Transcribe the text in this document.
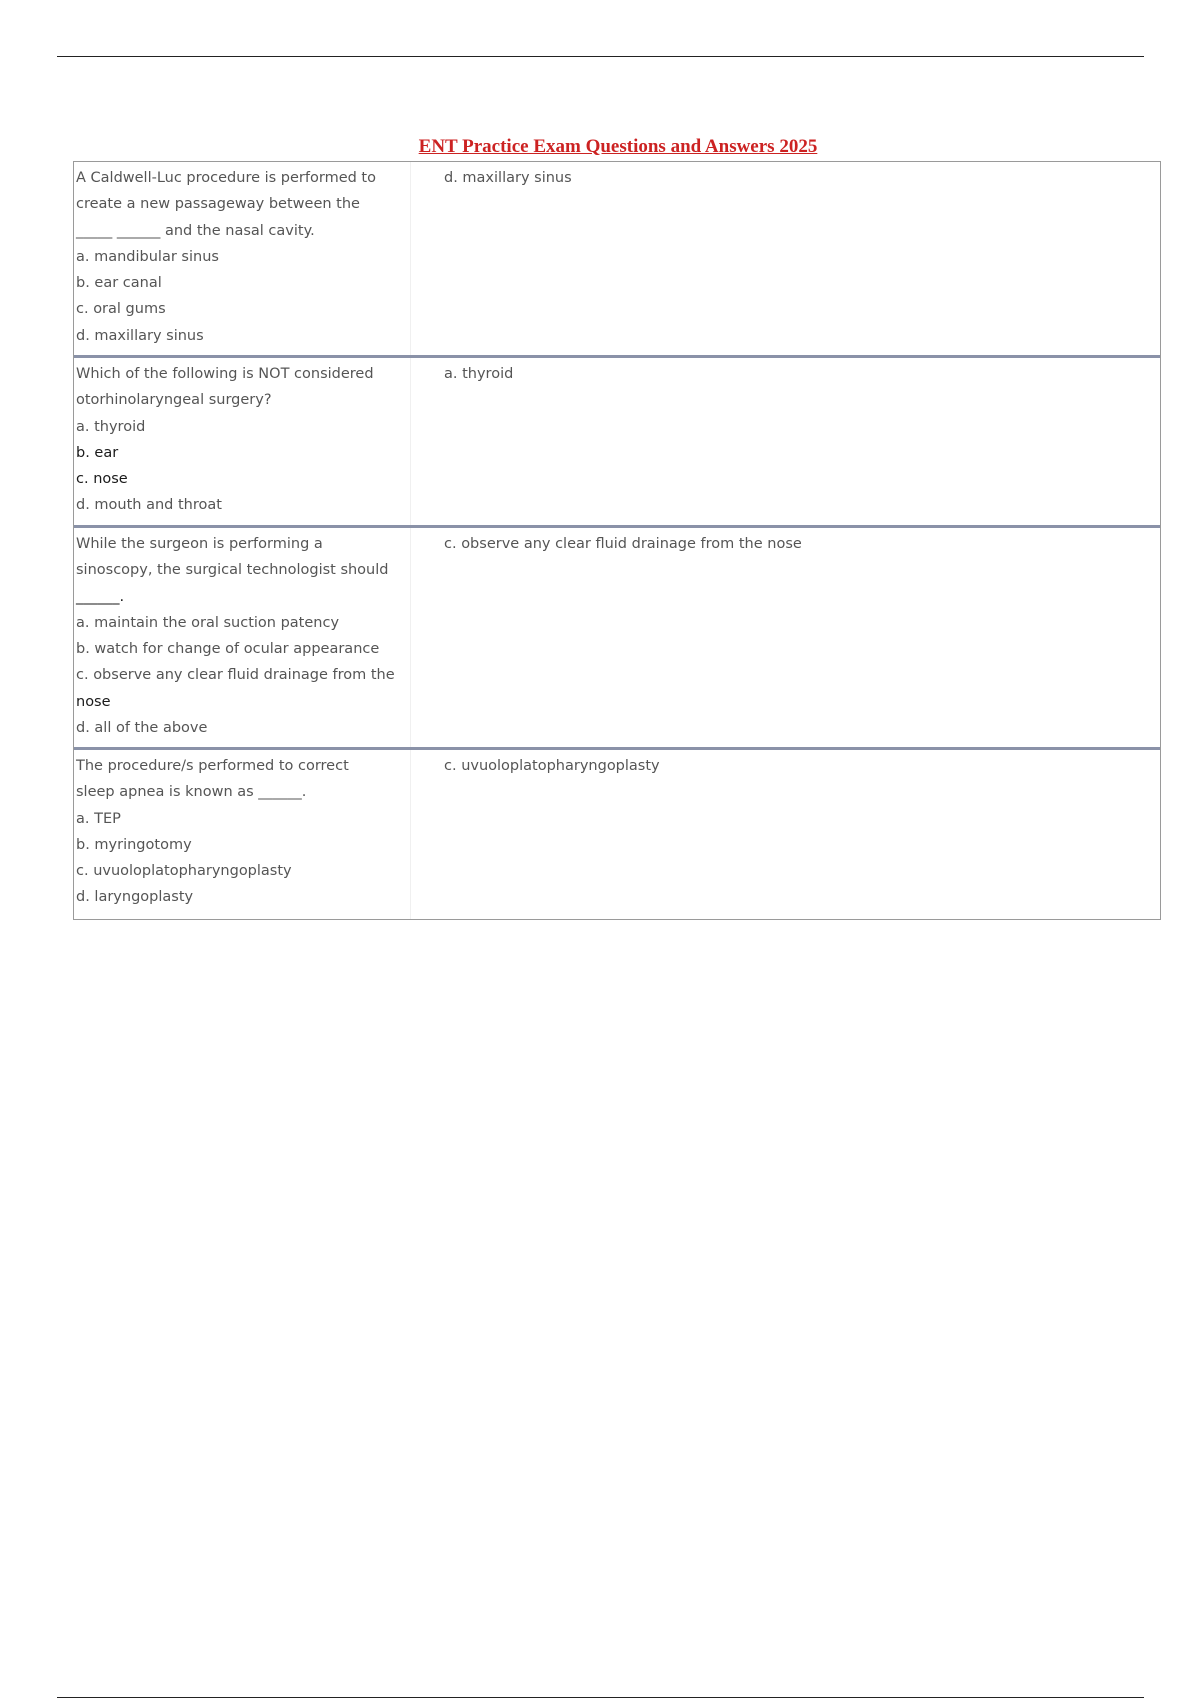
ENT Practice Exam Questions and Answers 2025
A Caldwell-Luc procedure is performed to
create a new passageway between the
_____ ______ and the nasal cavity.
a. mandibular sinus
b. ear canal
c. oral gums
d. maxillary sinus
d. maxillary sinus
Which of the following is NOT considered
otorhinolaryngeal surgery?
a. thyroid
b. ear
c. nose
d. mouth and throat
a. thyroid
While the surgeon is performing a
sinoscopy, the surgical technologist should
______.
a. maintain the oral suction patency
b. watch for change of ocular appearance
c. observe any clear fluid drainage from the
nose
d. all of the above
c. observe any clear fluid drainage from the nose
The procedure/s performed to correct
sleep apnea is known as ______.
a. TEP
b. myringotomy
c. uvuoloplatopharyngoplasty
d. laryngoplasty
c. uvuoloplatopharyngoplasty
